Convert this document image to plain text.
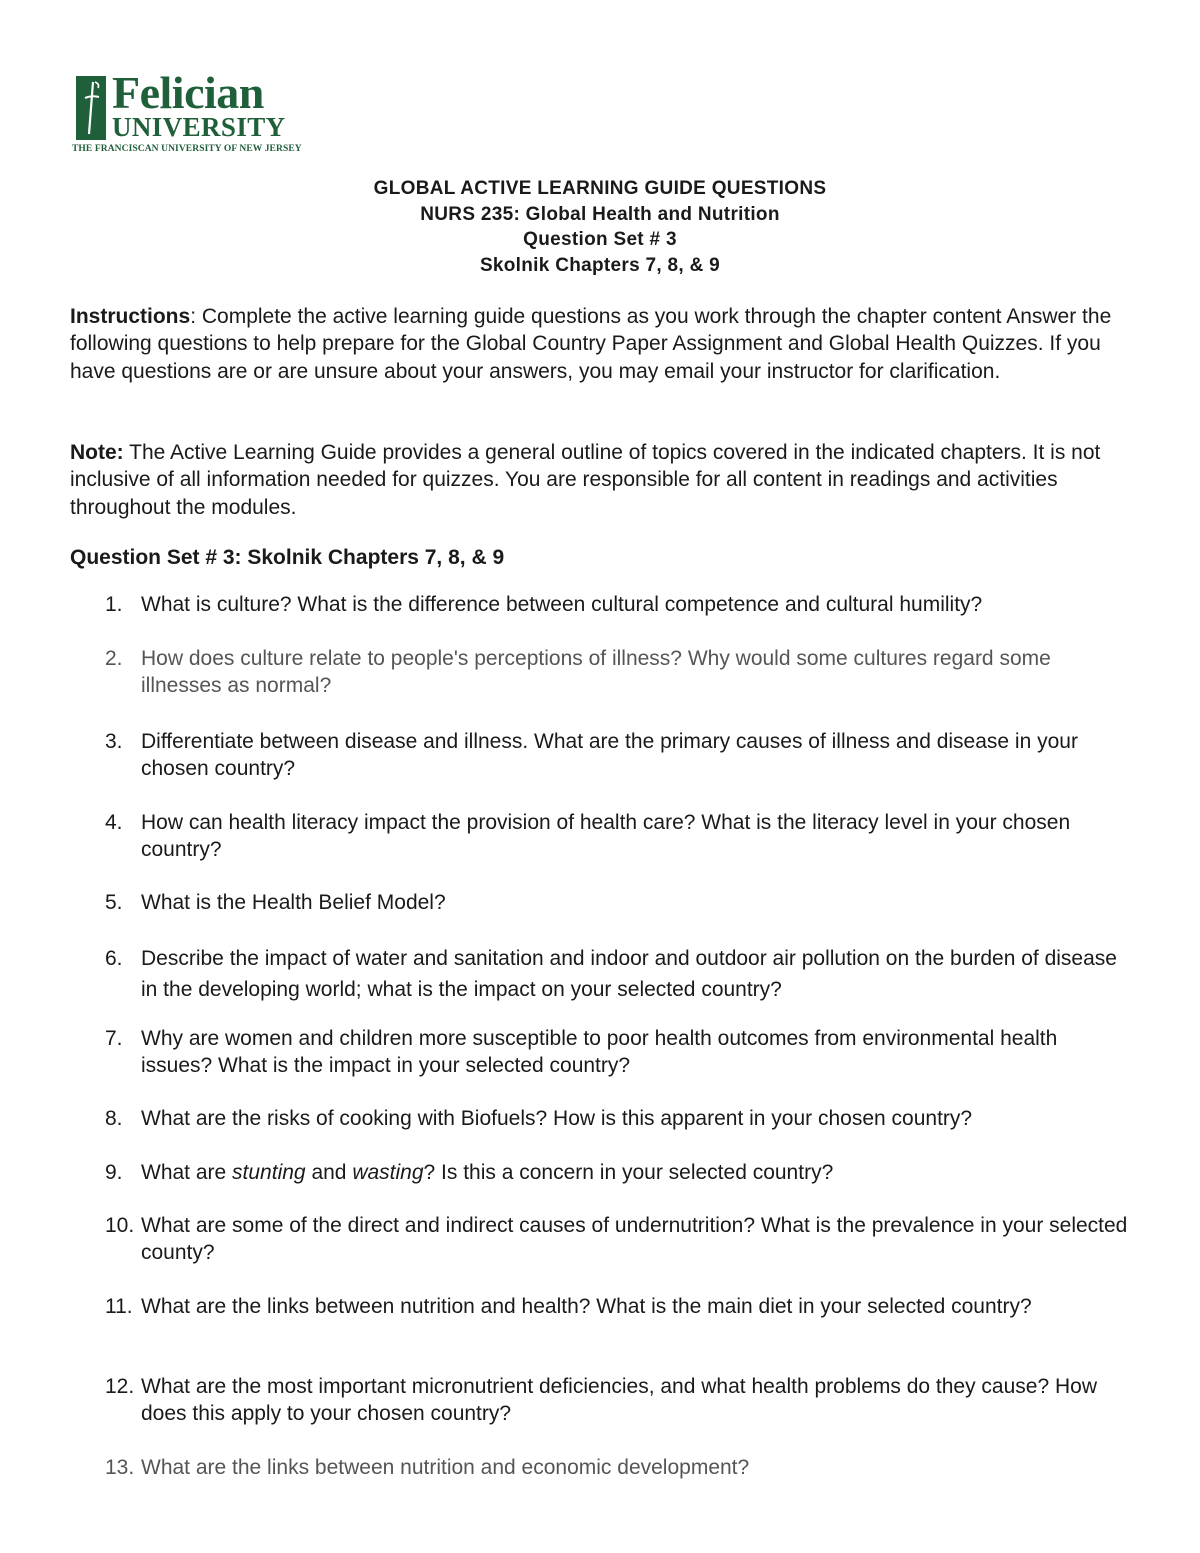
Felician
UNIVERSITY
THE FRANCISCAN UNIVERSITY OF NEW JERSEY
GLOBAL ACTIVE LEARNING GUIDE QUESTIONS
NURS 235: Global Health and Nutrition
Question Set # 3
Skolnik Chapters 7, 8, & 9
Instructions: Complete the active learning guide questions as you work through the chapter content Answer the following questions to help prepare for the Global Country Paper Assignment and Global Health Quizzes. If you have questions are or are unsure about your answers, you may email your instructor for clarification.
Note: The Active Learning Guide provides a general outline of topics covered in the indicated chapters. It is not inclusive of all information needed for quizzes. You are responsible for all content in readings and activities throughout the modules.
Question Set # 3: Skolnik Chapters 7, 8, & 9
1. What is culture? What is the difference between cultural competence and cultural humility?
2. How does culture relate to people's perceptions of illness? Why would some cultures regard some illnesses as normal?
3. Differentiate between disease and illness. What are the primary causes of illness and disease in your chosen country?
4. How can health literacy impact the provision of health care? What is the literacy level in your chosen country?
5. What is the Health Belief Model?
6. Describe the impact of water and sanitation and indoor and outdoor air pollution on the burden of disease in the developing world; what is the impact on your selected country?
7. Why are women and children more susceptible to poor health outcomes from environmental health issues? What is the impact in your selected country?
8. What are the risks of cooking with Biofuels? How is this apparent in your chosen country?
9. What are stunting and wasting? Is this a concern in your selected country?
10. What are some of the direct and indirect causes of undernutrition? What is the prevalence in your selected county?
11. What are the links between nutrition and health? What is the main diet in your selected country?
12. What are the most important micronutrient deficiencies, and what health problems do they cause? How does this apply to your chosen country?
13. What are the links between nutrition and economic development?
